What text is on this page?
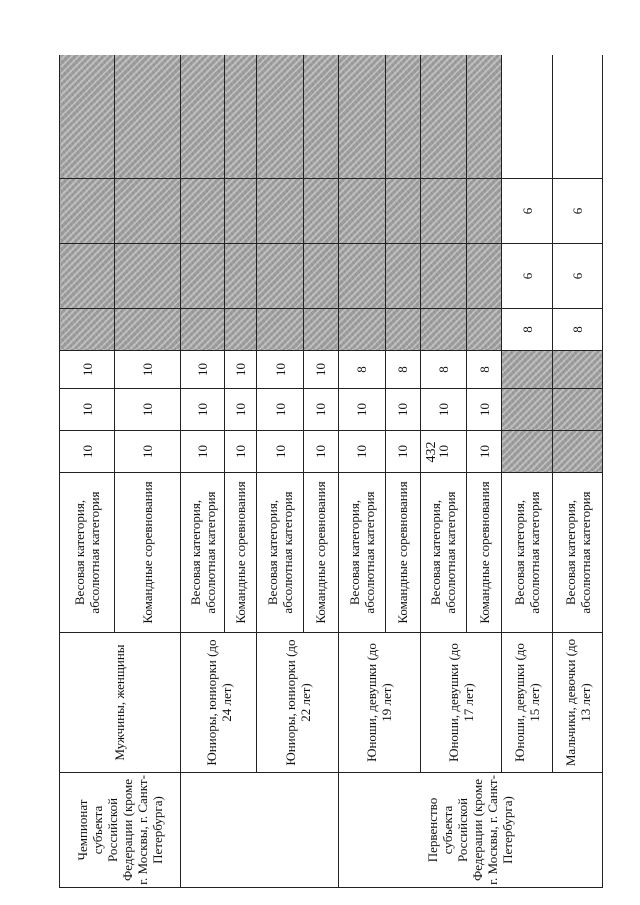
432
Чемпионат субъекта Российской Федерации (кроме г. Москвы, г. Санкт-Петербурга)	Мужчины, женщины	Весовая категория, абсолютная категория	10	10	10				
		Командные соревнования	10	10	10				
	Юниоры, юниорки (до 24 лет)	Весовая категория, абсолютная категория	10	10	10				
		Командные соревнования	10	10	10				
	Юниоры, юниорки (до 22 лет)	Весовая категория, абсолютная категория	10	10	10				
		Командные соревнования	10	10	10				
Первенство субъекта Российской Федерации (кроме г. Москвы, г. Санкт-Петербурга)	Юноши, девушки (до 19 лет)	Весовая категория, абсолютная категория	10	10	8				
		Командные соревнования	10	10	8				
	Юноши, девушки (до 17 лет)	Весовая категория, абсолютная категория	10	10	8				
		Командные соревнования	10	10	8				
	Юноши, девушки (до 15 лет)	Весовая категория, абсолютная категория				8	6	6	
	Мальчики, девочки (до 13 лет)	Весовая категория, абсолютная категория				8	6	6	
